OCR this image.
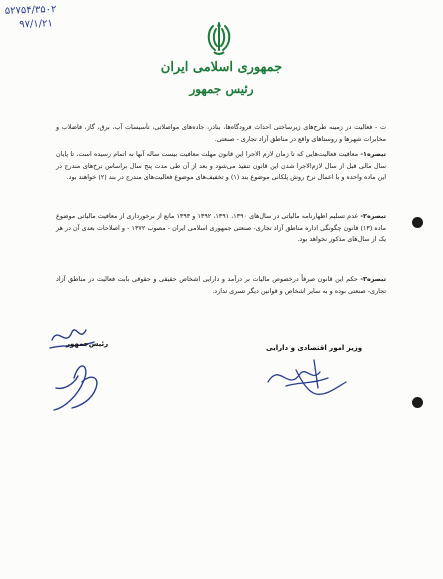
۵۲۷۵۴/۳۵۰۲
۹۷/۱/۲۱
جمهوری اسلامی ایران
رئیس جمهور
ت - فعالیت در زمینه طرح‌های زیرساختی احداث فرودگاه‌ها، بنادر، جاده‌های مواصلاتی، تأسیسات آب، برق، گاز، فاضلاب و مخابرات شهرها و روستاهای واقع در مناطق آزاد تجاری - صنعتی.
تبصره۱- معافیت فعالیت‌هایی که تا زمان لازم الاجرا این قانون مهلت معافیت بیست ساله آنها به اتمام رسیده است، تا پایان سال مالی قبل از سال لازم‌الاجرا شدن این قانون تنفیذ می‌شود و بعد از آن طی مدت پنج سال براساس نرخ‌های مندرج در این ماده واحده و با اعمال نرخ روش پلکانی موضوع بند (۱) و تخفیف‌های موضوع فعالیت‌های مندرج در بند (۲) خواهند بود.
تبصره۲- عدم تسلیم اظهارنامه مالیاتی در سال‌های ۱۳۹۰، ۱۳۹۱، ۱۳۹۲ و ۱۳۹۳ مانع از برخورداری از معافیت مالیاتی موضوع ماده (۱۳) قانون چگونگی اداره مناطق آزاد تجاری- صنعتی جمهوری اسلامی ایران - مصوب ۱۳۷۲ - و اصلاحات بعدی آن در هر یک از سال‌های مذکور نخواهد بود.
تبصره۳- حکم این قانون صرفاً درخصوص مالیات بر درآمد و دارایی اشخاص حقیقی و حقوقی بابت فعالیت در مناطق آزاد تجاری- صنعتی بوده و به سایر اشخاص و قوانین دیگر تسری ندارد.
رئیس‌جمهور	وزیر امور اقتصادی و دارایی
